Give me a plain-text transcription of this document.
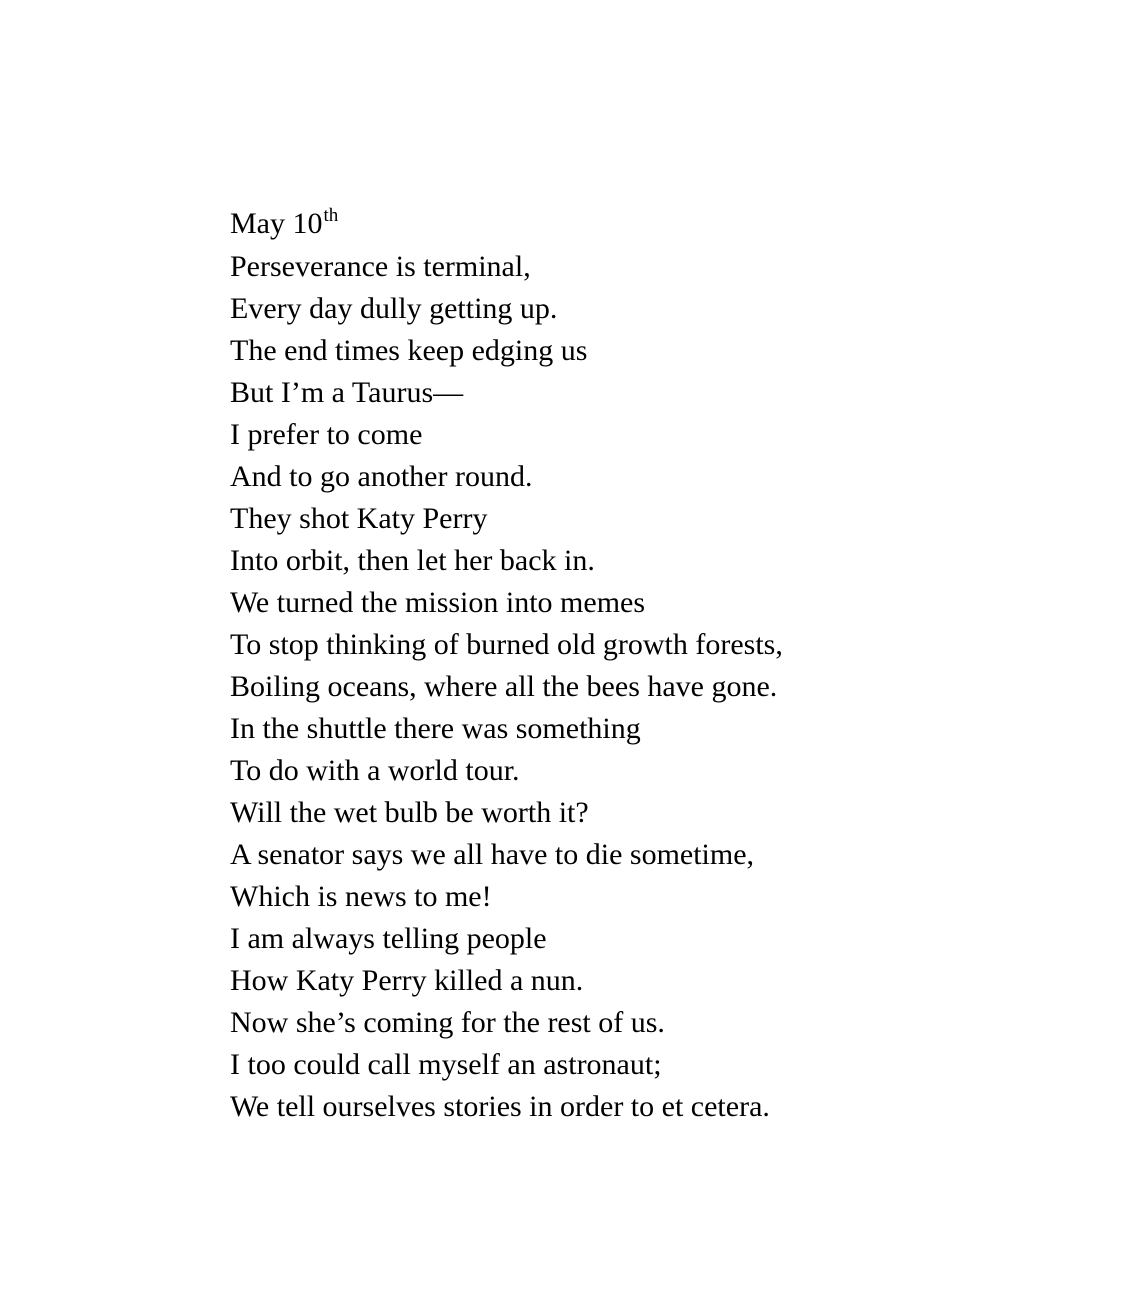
May 10th
Perseverance is terminal,
Every day dully getting up.
The end times keep edging us
But I’m a Taurus—
I prefer to come
And to go another round.
They shot Katy Perry
Into orbit, then let her back in.
We turned the mission into memes
To stop thinking of burned old growth forests,
Boiling oceans, where all the bees have gone.
In the shuttle there was something
To do with a world tour.
Will the wet bulb be worth it?
A senator says we all have to die sometime,
Which is news to me!
I am always telling people
How Katy Perry killed a nun.
Now she’s coming for the rest of us.
I too could call myself an astronaut;
We tell ourselves stories in order to et cetera.
